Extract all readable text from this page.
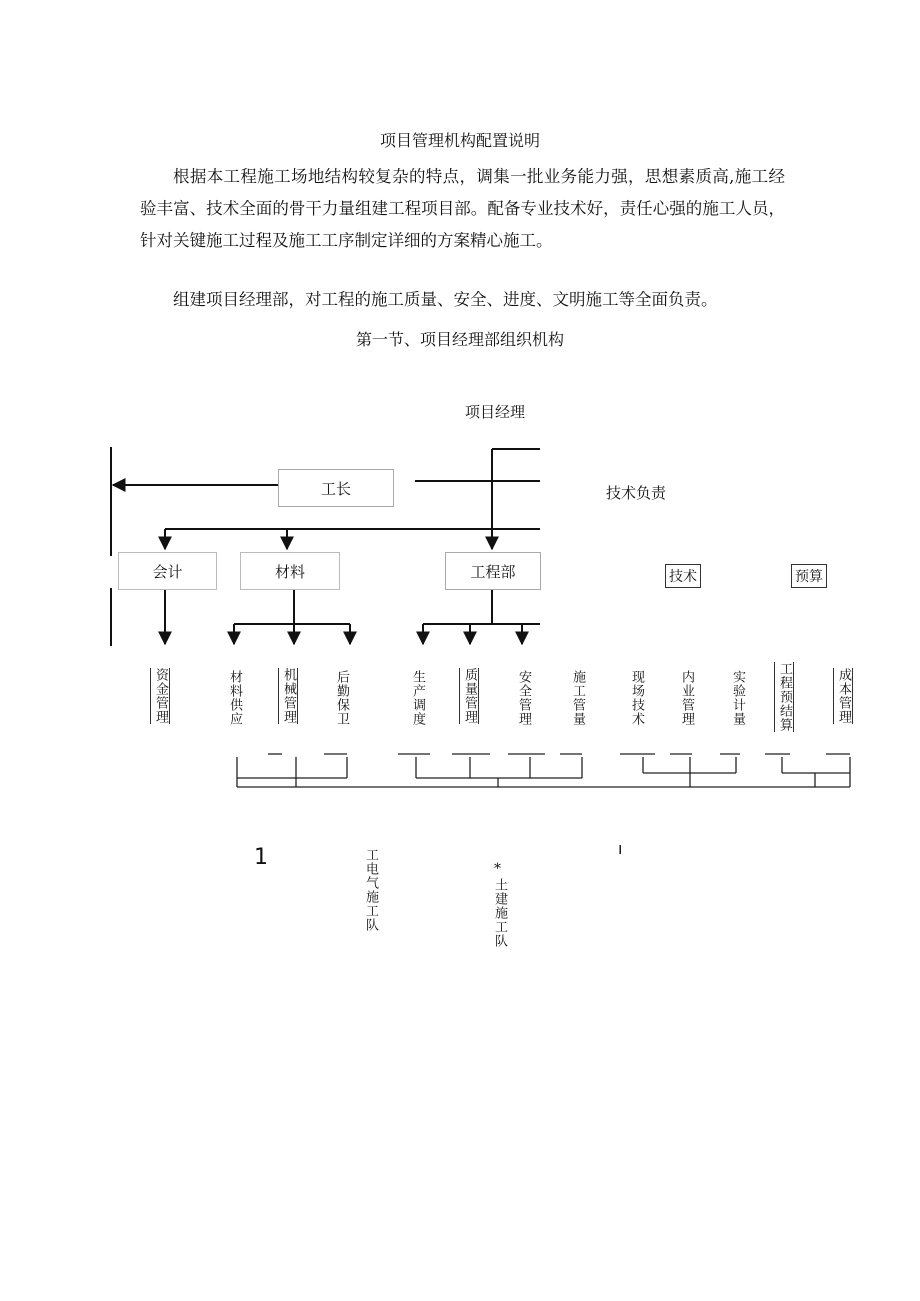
项目管理机构配置说明

根据本工程施工场地结构较复杂的特点，调集一批业务能力强，思想素质高,施工经验丰富、技术全面的骨干力量组建工程项目部。配备专业技术好，责任心强的施工人员，针对关键施工过程及施工工序制定详细的方案精心施工。

组建项目经理部，对工程的施工质量、安全、进度、文明施工等全面负责。

第一节、项目经理部组织机构
项目经理
技术负责
工长
会计	材料	工程部	技术	预算
资金管理	材料供应	机械管理	后勤保卫	生产调度	质量管理	安全管理	施工管量	现场技术	内业管理	实验计量 工程预结算	成本管理
1	工电气施工队	*
土建施工队
ı
